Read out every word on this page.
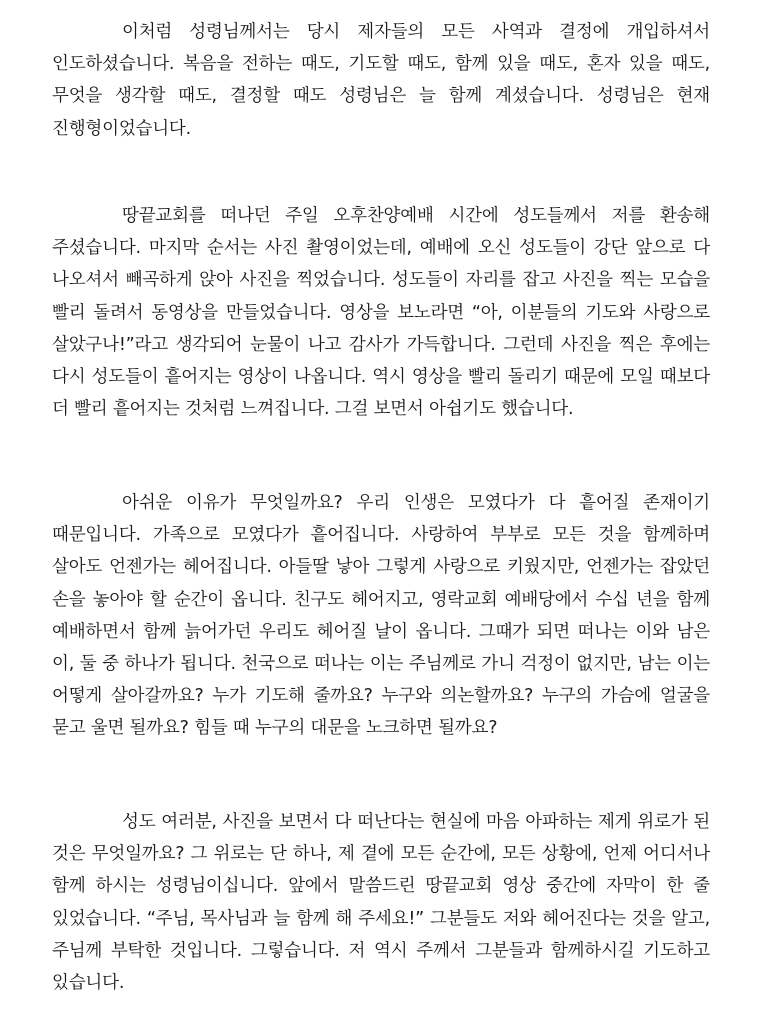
이처럼 성령님께서는 당시 제자들의 모든 사역과 결정에 개입하셔서 인도하셨습니다. 복음을 전하는 때도, 기도할 때도, 함께 있을 때도, 혼자 있을 때도, 무엇을 생각할 때도, 결정할 때도 성령님은 늘 함께 계셨습니다. 성령님은 현재 진행형이었습니다.

땅끝교회를 떠나던 주일 오후찬양예배 시간에 성도들께서 저를 환송해 주셨습니다. 마지막 순서는 사진 촬영이었는데, 예배에 오신 성도들이 강단 앞으로 다 나오셔서 빼곡하게 앉아 사진을 찍었습니다. 성도들이 자리를 잡고 사진을 찍는 모습을 빨리 돌려서 동영상을 만들었습니다. 영상을 보노라면 “아, 이분들의 기도와 사랑으로 살았구나!”라고 생각되어 눈물이 나고 감사가 가득합니다. 그런데 사진을 찍은 후에는 다시 성도들이 흩어지는 영상이 나옵니다. 역시 영상을 빨리 돌리기 때문에 모일 때보다 더 빨리 흩어지는 것처럼 느껴집니다. 그걸 보면서 아쉽기도 했습니다.

아쉬운 이유가 무엇일까요? 우리 인생은 모였다가 다 흩어질 존재이기 때문입니다. 가족으로 모였다가 흩어집니다. 사랑하여 부부로 모든 것을 함께하며 살아도 언젠가는 헤어집니다. 아들딸 낳아 그렇게 사랑으로 키웠지만, 언젠가는 잡았던 손을 놓아야 할 순간이 옵니다. 친구도 헤어지고, 영락교회 예배당에서 수십 년을 함께 예배하면서 함께 늙어가던 우리도 헤어질 날이 옵니다. 그때가 되면 떠나는 이와 남은 이, 둘 중 하나가 됩니다. 천국으로 떠나는 이는 주님께로 가니 걱정이 없지만, 남는 이는 어떻게 살아갈까요? 누가 기도해 줄까요? 누구와 의논할까요? 누구의 가슴에 얼굴을 묻고 울면 될까요? 힘들 때 누구의 대문을 노크하면 될까요?

성도 여러분, 사진을 보면서 다 떠난다는 현실에 마음 아파하는 제게 위로가 된 것은 무엇일까요? 그 위로는 단 하나, 제 곁에 모든 순간에, 모든 상황에, 언제 어디서나 함께 하시는 성령님이십니다. 앞에서 말씀드린 땅끝교회 영상 중간에 자막이 한 줄 있었습니다. “주님, 목사님과 늘 함께 해 주세요!” 그분들도 저와 헤어진다는 것을 알고, 주님께 부탁한 것입니다. 그렇습니다. 저 역시 주께서 그분들과 함께하시길 기도하고 있습니다.
